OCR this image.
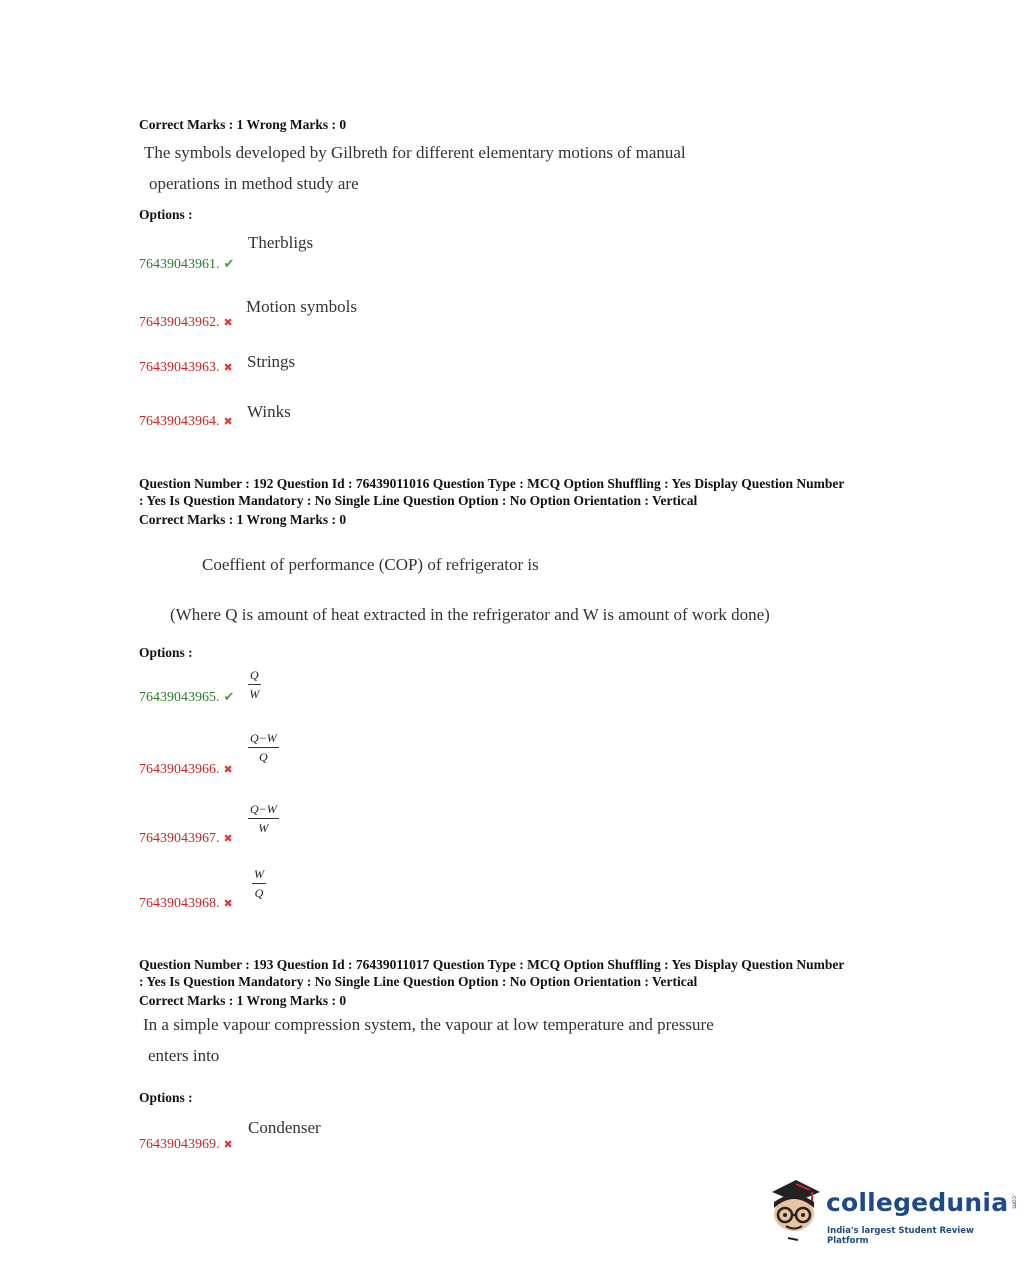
Correct Marks : 1 Wrong Marks : 0
The symbols developed by Gilbreth for different elementary motions of manual
operations in method study are
Options :
76439043961. ✔
Therbligs
76439043962. ✖
Motion symbols
76439043963. ✖ Strings
76439043964. ✖
Winks
Question Number : 192 Question Id : 76439011016 Question Type : MCQ Option Shuffling : Yes Display Question Number
: Yes Is Question Mandatory : No Single Line Question Option : No Option Orientation : Vertical
Correct Marks : 1 Wrong Marks : 0
Coeffient of performance (COP) of refrigerator is
(Where Q is amount of heat extracted in the refrigerator and W is amount of work done)
Options :
76439043965. ✔ $\frac{Q}{W}$
76439043966. ✖
$\frac{Q-W}{Q}$
76439043967. ✖
$\frac{Q-W}{W}$
76439043968. ✖
$\frac{W}{Q}$
Question Number : 193 Question Id : 76439011017 Question Type : MCQ Option Shuffling : Yes Display Question Number
: Yes Is Question Mandatory : No Single Line Question Option : No Option Orientation : Vertical
Correct Marks : 1 Wrong Marks : 0
In a simple vapour compression system, the vapour at low temperature and pressure
enters into
Options :
76439043969. ✖
Condenser
collegedunia .com
India's largest Student Review Platform
